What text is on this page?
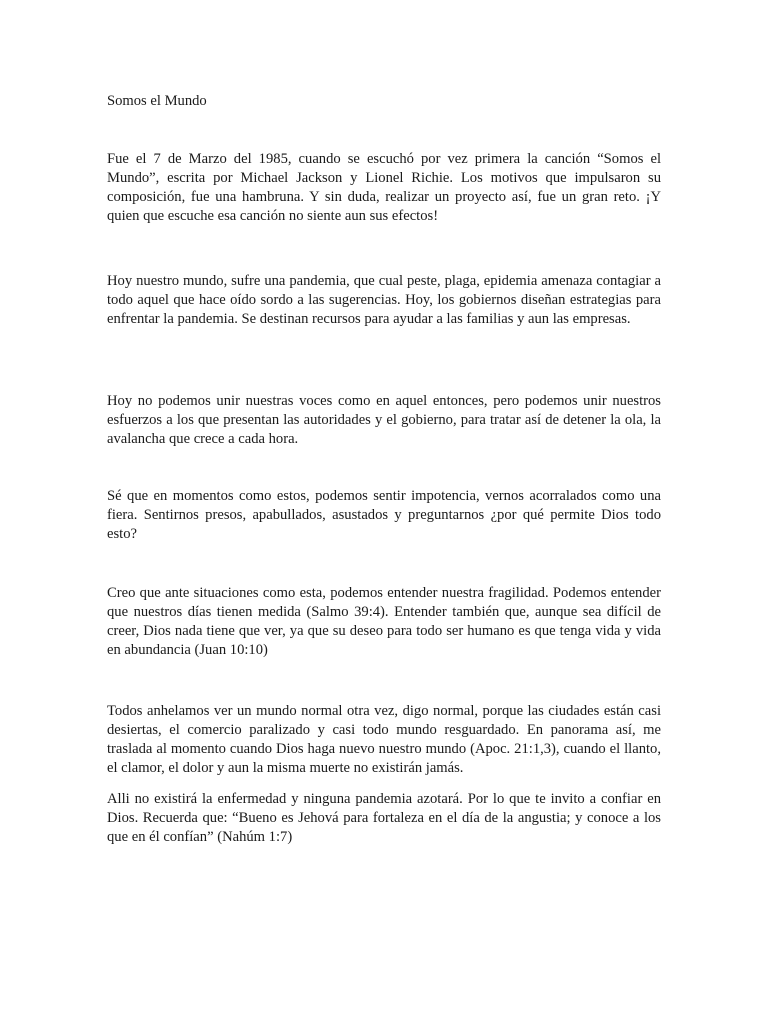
Somos el Mundo

Fue el 7 de Marzo del 1985, cuando se escuchó por vez primera la canción “Somos el Mundo”, escrita por Michael Jackson y Lionel Richie. Los motivos que impulsaron su composición, fue una hambruna. Y sin duda, realizar un proyecto así, fue un gran reto. ¡Y quien que escuche esa canción no siente aun sus efectos!

Hoy nuestro mundo, sufre una pandemia, que cual peste, plaga, epidemia amenaza contagiar a todo aquel que hace oído sordo a las sugerencias. Hoy, los gobiernos diseñan estrategias para enfrentar la pandemia. Se destinan recursos para ayudar a las familias y aun las empresas.

Hoy no podemos unir nuestras voces como en aquel entonces, pero podemos unir nuestros esfuerzos a los que presentan las autoridades y el gobierno, para tratar así de detener la ola, la avalancha que crece a cada hora.

Sé que en momentos como estos, podemos sentir impotencia, vernos acorralados como una fiera. Sentirnos presos, apabullados, asustados y preguntarnos ¿por qué permite Dios todo esto?

Creo que ante situaciones como esta, podemos entender nuestra fragilidad. Podemos entender que nuestros días tienen medida (Salmo 39:4). Entender también que, aunque sea difícil de creer, Dios nada tiene que ver, ya que su deseo para todo ser humano es que tenga vida y vida en abundancia (Juan 10:10)

Todos anhelamos ver un mundo normal otra vez, digo normal, porque las ciudades están casi desiertas, el comercio paralizado y casi todo mundo resguardado. En panorama así, me traslada al momento cuando Dios haga nuevo nuestro mundo (Apoc. 21:1,3), cuando el llanto, el clamor, el dolor y aun la misma muerte no existirán jamás.

Alli no existirá la enfermedad y ninguna pandemia azotará. Por lo que te invito a confiar en Dios. Recuerda que: “Bueno es Jehová para fortaleza en el día de la angustia; y conoce a los que en él confían” (Nahúm 1:7)
